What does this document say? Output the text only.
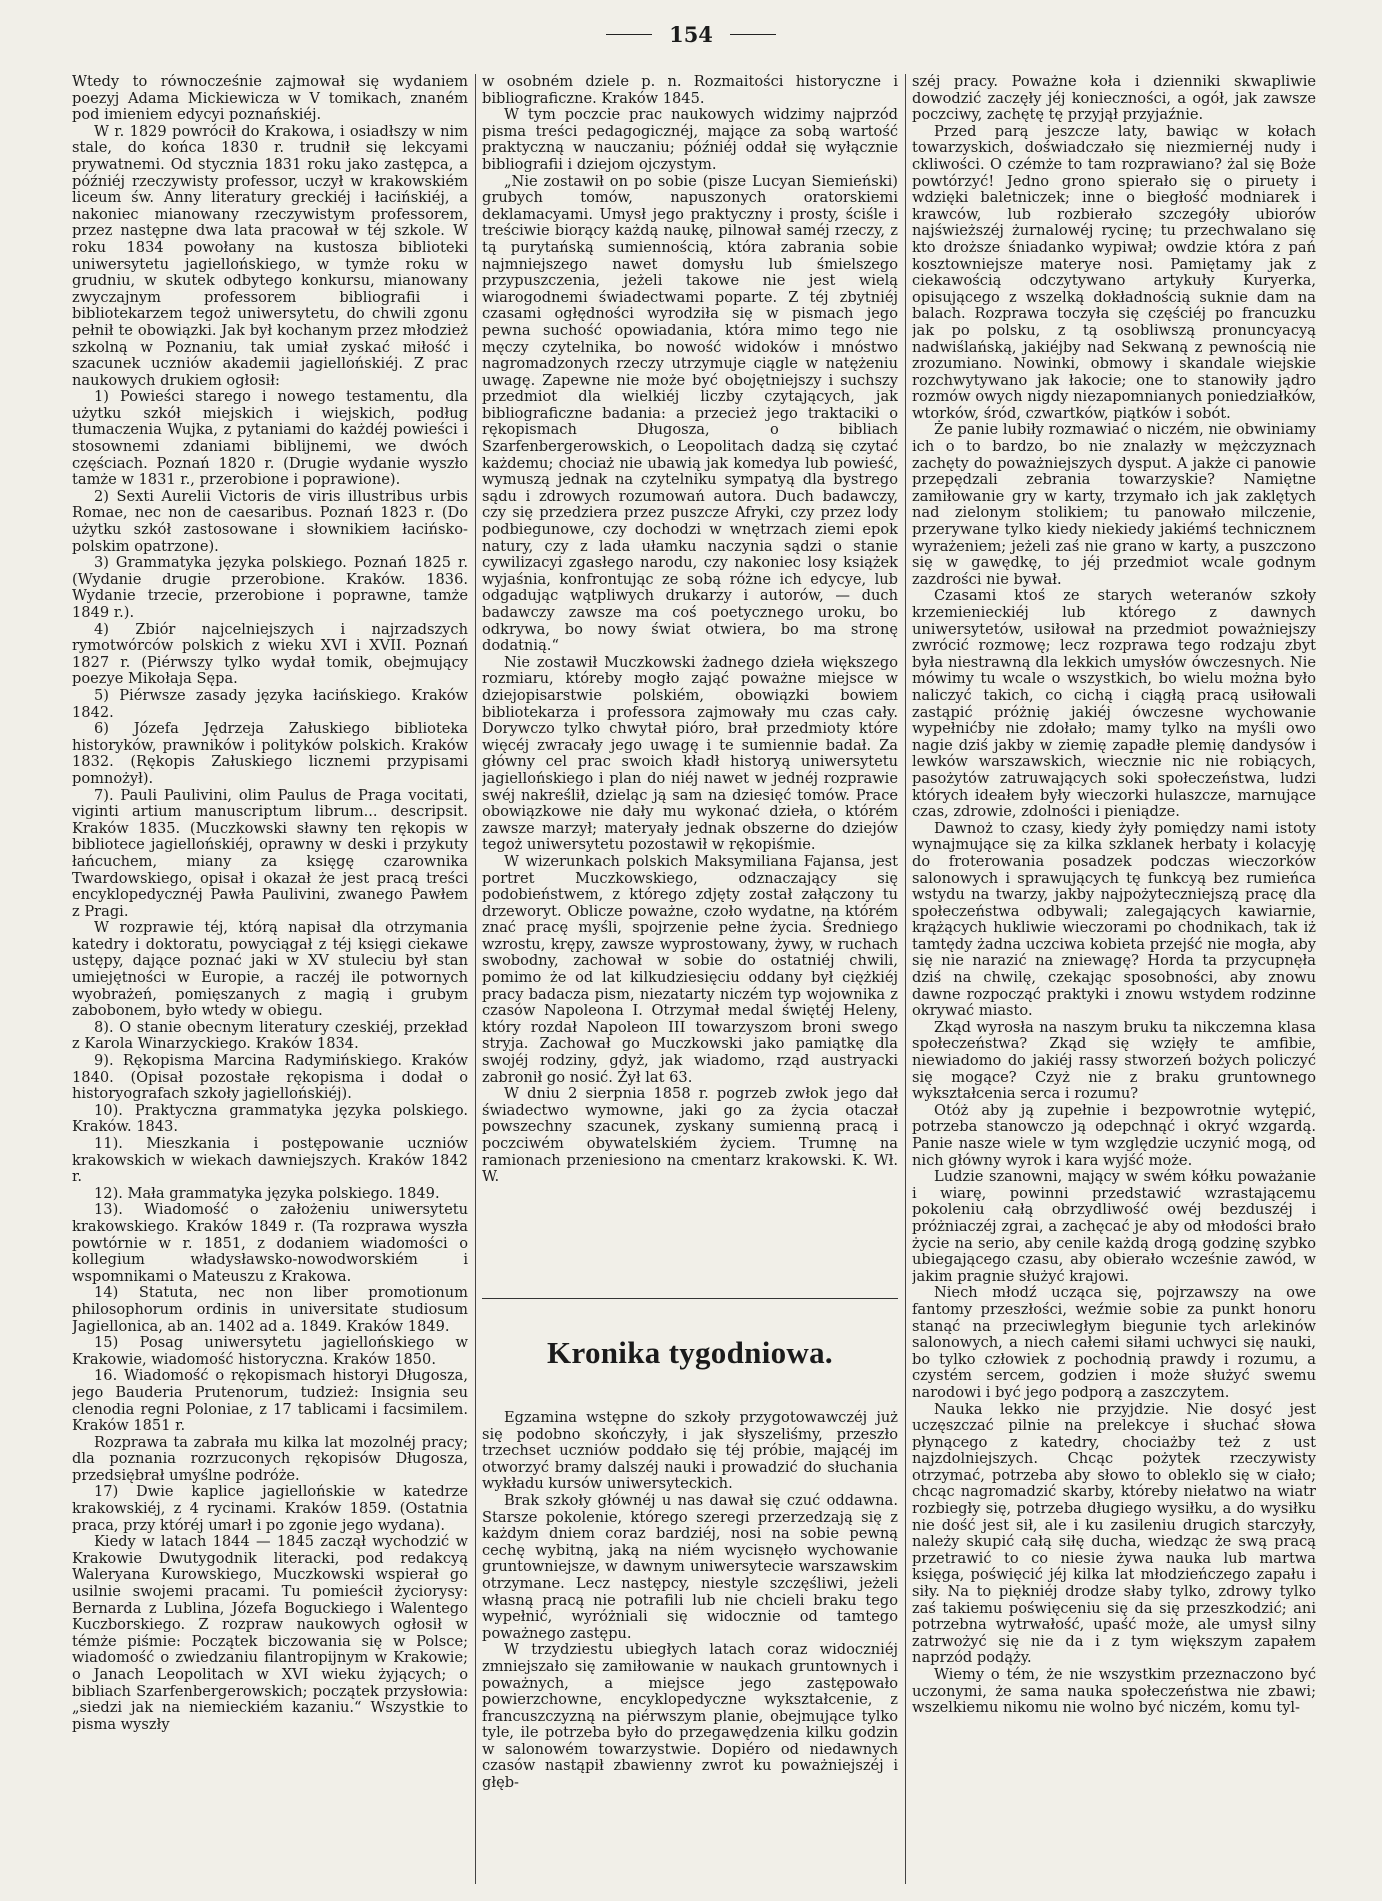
154

Wtedy to równocześnie zajmował się wydaniem poezyj Adama Mickiewicza w V tomikach, znaném pod imieniem edycyi poznańskiéj.

W r. 1829 powrócił do Krakowa, i osiadłszy w nim stale, do końca 1830 r. trudnił się lekcyami prywatnemi. Od stycznia 1831 roku jako zastępca, a późniéj rzeczywisty professor, uczył w krakowskiém liceum św. Anny literatury greckiéj i łacińskiéj, a nakoniec mianowany rzeczywistym professorem, przez następne dwa lata pracował w téj szkole. W roku 1834 powołany na kustosza biblioteki uniwersytetu jagiellońskiego, w tymże roku w grudniu, w skutek odbytego konkursu, mianowany zwyczajnym professorem bibliografii i bibliotekarzem tegoż uniwersytetu, do chwili zgonu pełnił te obowiązki. Jak był kochanym przez młodzież szkolną w Poznaniu, tak umiał zyskać miłość i szacunek uczniów akademii jagiellońskiéj. Z prac naukowych drukiem ogłosił:

1) Powieści starego i nowego testamentu, dla użytku szkół miejskich i wiejskich, podług tłumaczenia Wujka, z pytaniami do każdéj powieści i stosownemi zdaniami biblijnemi, we dwóch częściach. Poznań 1820 r. (Drugie wydanie wyszło tamże w 1831 r., przerobione i poprawione).

2) Sexti Aurelii Victoris de viris illustribus urbis Romae, nec non de caesaribus. Poznań 1823 r. (Do użytku szkół zastosowane i słownikiem łacińsko-polskim opatrzone).

3) Grammatyka języka polskiego. Poznań 1825 r. (Wydanie drugie przerobione. Kraków. 1836. Wydanie trzecie, przerobione i poprawne, tamże 1849 r.).

4) Zbiór najcelniejszych i najrzadszych rymotwórców polskich z wieku XVI i XVII. Poznań 1827 r. (Piérwszy tylko wydał tomik, obejmujący poezye Mikołaja Sępa.

5) Piérwsze zasady języka łacińskiego. Kraków 1842.

6) Józefa Jędrzeja Załuskiego biblioteka historyków, prawników i polityków polskich. Kraków 1832. (Rękopis Załuskiego licznemi przypisami pomnożył).

7). Pauli Paulivini, olim Paulus de Praga vocitati, viginti artium manuscriptum librum... descripsit. Kraków 1835. (Muczkowski sławny ten rękopis w bibliotece jagiellońskiéj, oprawny w deski i przykuty łańcuchem, miany za księgę czarownika Twardowskiego, opisał i okazał że jest pracą treści encyklopedycznéj Pawła Paulivini, zwanego Pawłem z Pragi.

W rozprawie téj, którą napisał dla otrzymania katedry i doktoratu, powyciągał z téj księgi ciekawe ustępy, dające poznać jaki w XV stuleciu był stan umiejętności w Europie, a raczéj ile potwornych wyobrażeń, pomięszanych z magią i grubym zabobonem, było wtedy w obiegu.

8). O stanie obecnym literatury czeskiéj, przekład z Karola Winarzyckiego. Kraków 1834.

9). Rękopisma Marcina Radymińskiego. Kraków 1840. (Opisał pozostałe rękopisma i dodał o historyografach szkoły jagiellońskiéj).

10). Praktyczna grammatyka języka polskiego. Kraków. 1843.

11). Mieszkania i postępowanie uczniów krakowskich w wiekach dawniejszych. Kraków 1842 r.

12). Mała grammatyka języka polskiego. 1849.

13). Wiadomość o założeniu uniwersytetu krakowskiego. Kraków 1849 r. (Ta rozprawa wyszła powtórnie w r. 1851, z dodaniem wiadomości o kollegium władysławsko-nowodworskiém i wspomnikami o Mateuszu z Krakowa.

14) Statuta, nec non liber promotionum philosophorum ordinis in universitate studiosum Jagiellonica, ab an. 1402 ad a. 1849. Kraków 1849.

15) Posag uniwersytetu jagiellońskiego w Krakowie, wiadomość historyczna. Kraków 1850.

16. Wiadomość o rękopismach historyi Długosza, jego Bauderia Prutenorum, tudzież: Insignia seu clenodia regni Poloniae, z 17 tablicami i facsimilem. Kraków 1851 r.

Rozprawa ta zabrała mu kilka lat mozolnéj pracy; dla poznania rozrzuconych rękopisów Długosza, przedsiębrał umyślne podróże.

17) Dwie kaplice jagiellońskie w katedrze krakowskiéj, z 4 rycinami. Kraków 1859. (Ostatnia praca, przy któréj umarł i po zgonie jego wydana).

Kiedy w latach 1844 — 1845 zaczął wychodzić w Krakowie Dwutygodnik literacki, pod redakcyą Waleryana Kurowskiego, Muczkowski wspierał go usilnie swojemi pracami. Tu pomieścił życiorysy: Bernarda z Lublina, Józefa Boguckiego i Walentego Kuczborskiego. Z rozpraw naukowych ogłosił w témże piśmie: Początek biczowania się w Polsce; wiadomość o zwiedzaniu filantropijnym w Krakowie; o Janach Leopolitach w XVI wieku żyjących; o bibliach Szarfenbergerowskich; początek przysłowia: „siedzi jak na niemieckiém kazaniu.“ Wszystkie to pisma wyszły

w osobném dziele p. n. Rozmaitości historyczne i bibliograficzne. Kraków 1845.

W tym poczcie prac naukowych widzimy najprzód pisma treści pedagogicznéj, mające za sobą wartość praktyczną w nauczaniu; późniéj oddał się wyłącznie bibliografii i dziejom ojczystym.

„Nie zostawił on po sobie (pisze Lucyan Siemieński) grubych tomów, napuszonych oratorskiemi deklamacyami. Umysł jego praktyczny i prosty, ściśle i treściwie biorący każdą naukę, pilnował saméj rzeczy, z tą purytańską sumiennością, która zabrania sobie najmniejszego nawet domysłu lub śmielszego przypuszczenia, jeżeli takowe nie jest wielą wiarogodnemi świadectwami poparte. Z téj zbytniéj czasami ogłędności wyrodziła się w pismach jego pewna suchość opowiadania, która mimo tego nie męczy czytelnika, bo nowość widoków i mnóstwo nagromadzonych rzeczy utrzymuje ciągle w natężeniu uwagę. Zapewne nie może być obojętniejszy i suchszy przedmiot dla wielkiéj liczby czytających, jak bibliograficzne badania: a przecież jego traktaciki o rękopismach Długosza, o bibliach Szarfenbergerowskich, o Leopolitach dadzą się czytać każdemu; chociaż nie ubawią jak komedya lub powieść, wymuszą jednak na czytelniku sympatyą dla bystrego sądu i zdrowych rozumowań autora. Duch badawczy, czy się przedziera przez puszcze Afryki, czy przez lody podbiegunowe, czy dochodzi w wnętrzach ziemi epok natury, czy z lada ułamku naczynia sądzi o stanie cywilizacyi zgasłego narodu, czy nakoniec losy książek wyjaśnia, konfrontując ze sobą różne ich edycye, lub odgadując wątpliwych drukarzy i autorów, — duch badawczy zawsze ma coś poetycznego uroku, bo odkrywa, bo nowy świat otwiera, bo ma stronę dodatnią.“

Nie zostawił Muczkowski żadnego dzieła większego rozmiaru, któreby mogło zająć poważne miejsce w dziejopisarstwie polskiém, obowiązki bowiem bibliotekarza i professora zajmowały mu czas cały. Dorywczo tylko chwytał pióro, brał przedmioty które więcéj zwracały jego uwagę i te sumiennie badał. Za główny cel prac swoich kładł historyą uniwersytetu jagiellońskiego i plan do niéj nawet w jednéj rozprawie swéj nakreślił, dzieląc ją sam na dziesięć tomów. Prace obowiązkowe nie dały mu wykonać dzieła, o którém zawsze marzył; materyały jednak obszerne do dziejów tegoż uniwersytetu pozostawił w rękopiśmie.

W wizerunkach polskich Maksymiliana Fajansa, jest portret Muczkowskiego, odznaczający się podobieństwem, z którego zdjęty został załączony tu drzeworyt. Oblicze poważne, czoło wydatne, na którém znać pracę myśli, spojrzenie pełne życia. Średniego wzrostu, krępy, zawsze wyprostowany, żywy, w ruchach swobodny, zachował w sobie do ostatniéj chwili, pomimo że od lat kilkudziesięciu oddany był ciężkiéj pracy badacza pism, niezatarty niczém typ wojownika z czasów Napoleona I. Otrzymał medal świętéj Heleny, który rozdał Napoleon III towarzyszom broni swego stryja. Zachował go Muczkowski jako pamiątkę dla swojéj rodziny, gdyż, jak wiadomo, rząd austryacki zabronił go nosić. Żył lat 63.

W dniu 2 sierpnia 1858 r. pogrzeb zwłok jego dał świadectwo wymowne, jaki go za życia otaczał powszechny szacunek, zyskany sumienną pracą i poczciwém obywatelskiém życiem. Trumnę na ramionach przeniesiono na cmentarz krakowski. K. Wł. W.

Kronika tygodniowa.

Egzamina wstępne do szkoły przygotowawczéj już się podobno skończyły, i jak słyszeliśmy, przeszło trzechset uczniów poddało się téj próbie, mającéj im otworzyć bramy dalszéj nauki i prowadzić do słuchania wykładu kursów uniwersyteckich.

Brak szkoły głównéj u nas dawał się czuć oddawna. Starsze pokolenie, którego szeregi przerzedzają się z każdym dniem coraz bardziéj, nosi na sobie pewną cechę wybitną, jaką na niém wycisnęło wychowanie gruntowniejsze, w dawnym uniwersytecie warszawskim otrzymane. Lecz następcy, niestyle szczęśliwi, jeżeli własną pracą nie potrafili lub nie chcieli braku tego wypełnić, wyróżniali się widocznie od tamtego poważnego zastępu.

W trzydziestu ubiegłych latach coraz widoczniéj zmniejszało się zamiłowanie w naukach gruntownych i poważnych, a miejsce jego zastępowało powierzchowne, encyklopedyczne wykształcenie, z francuszczyzną na piérwszym planie, obejmujące tylko tyle, ile potrzeba było do przegawędzenia kilku godzin w salonowém towarzystwie. Dopiéro od niedawnych czasów nastąpił zbawienny zwrot ku poważniejszéj i głęb-

széj pracy. Poważne koła i dzienniki skwapliwie dowodzić zaczęły jéj konieczności, a ogół, jak zawsze poczciwy, zachętę tę przyjął przyjaźnie.

Przed parą jeszcze laty, bawiąc w kołach towarzyskich, doświadczało się niezmiernéj nudy i ckliwości. O czémże to tam rozprawiano? żal się Boże powtórzyć! Jedno grono spierało się o piruety i wdzięki baletniczek; inne o biegłość modniarek i krawców, lub rozbierało szczegóły ubiorów najświeższéj żurnalowéj rycinę; tu przechwalano się kto droższe śniadanko wypiwał; owdzie która z pań kosztowniejsze materye nosi. Pamiętamy jak z ciekawością odczytywano artykuły Kuryerka, opisującego z wszelką dokładnością suknie dam na balach. Rozprawa toczyła się częściéj po francuzku jak po polsku, z tą osobliwszą pronuncyacyą nadwiślańską, jakiéjby nad Sekwaną z pewnością nie zrozumiano. Nowinki, obmowy i skandale wiejskie rozchwytywano jak łakocie; one to stanowiły jądro rozmów owych nigdy niezapomnianych poniedziałków, wtorków, śród, czwartków, piątków i sobót.

Że panie lubiły rozmawiać o niczém, nie obwiniamy ich o to bardzo, bo nie znalazły w mężczyznach zachęty do poważniejszych dysput. A jakże ci panowie przepędzali zebrania towarzyskie? Namiętne zamiłowanie gry w karty, trzymało ich jak zaklętych nad zielonym stolikiem; tu panowało milczenie, przerywane tylko kiedy niekiedy jakiémś technicznem wyrażeniem; jeżeli zaś nie grano w karty, a puszczono się w gawędkę, to jéj przedmiot wcale godnym zazdrości nie bywał.

Czasami ktoś ze starych weteranów szkoły krzemienieckiéj lub którego z dawnych uniwersytetów, usiłował na przedmiot poważniejszy zwrócić rozmowę; lecz rozprawa tego rodzaju zbyt była niestrawną dla lekkich umysłów ówczesnych. Nie mówimy tu wcale o wszystkich, bo wielu można było naliczyć takich, co cichą i ciągłą pracą usiłowali zastąpić próżnię jakiéj ówczesne wychowanie wypełnićby nie zdołało; mamy tylko na myśli owo nagie dziś jakby w ziemię zapadłe plemię dandysów i lewków warszawskich, wiecznie nic nie robiących, pasożytów zatruwających soki społeczeństwa, ludzi których ideałem były wieczorki hulaszcze, marnujące czas, zdrowie, zdolności i pieniądze.

Dawnoż to czasy, kiedy żyły pomiędzy nami istoty wynajmujące się za kilka szklanek herbaty i kolacyję do froterowania posadzek podczas wieczorków salonowych i sprawujących tę funkcyą bez rumieńca wstydu na twarzy, jakby najpożyteczniejszą pracę dla społeczeństwa odbywali; zalegających kawiarnie, krążących hukliwie wieczorami po chodnikach, tak iż tamtędy żadna uczciwa kobieta przejść nie mogła, aby się nie narazić na zniewagę? Horda ta przycupnęła dziś na chwilę, czekając sposobności, aby znowu dawne rozpocząć praktyki i znowu wstydem rodzinne okrywać miasto.

Zkąd wyrosła na naszym bruku ta nikczemna klasa społeczeństwa? Zkąd się wzięły te amfibie, niewiadomo do jakiéj rassy stworzeń bożych policzyć się mogące? Czyż nie z braku gruntownego wykształcenia serca i rozumu?

Otóż aby ją zupełnie i bezpowrotnie wytępić, potrzeba stanowczo ją odepchnąć i okryć wzgardą. Panie nasze wiele w tym względzie uczynić mogą, od nich główny wyrok i kara wyjść może.

Ludzie szanowni, mający w swém kółku poważanie i wiarę, powinni przedstawić wzrastającemu pokoleniu całą obrzydliwość owéj bezduszéj i próżniaczéj zgrai, a zachęcać je aby od młodości brało życie na serio, aby cenile każdą drogą godzinę szybko ubiegającego czasu, aby obierało wcześnie zawód, w jakim pragnie służyć krajowi.

Niech młodź ucząca się, pojrzawszy na owe fantomy przeszłości, weźmie sobie za punkt honoru stanąć na przeciwległym biegunie tych arlekinów salonowych, a niech całemi siłami uchwyci się nauki, bo tylko człowiek z pochodnią prawdy i rozumu, a czystém sercem, godzien i może służyć swemu narodowi i być jego podporą a zaszczytem.

Nauka lekko nie przyjdzie. Nie dosyć jest uczęszczać pilnie na prelekcye i słuchać słowa płynącego z katedry, chociażby też z ust najzdolniejszych. Chcąc pożytek rzeczywisty otrzymać, potrzeba aby słowo to obleklo się w ciało; chcąc nagromadzić skarby, któreby niełatwo na wiatr rozbiegły się, potrzeba długiego wysiłku, a do wysiłku nie dość jest sił, ale i ku zasileniu drugich starczyły, należy skupić całą siłę ducha, wiedząc że swą pracą przetrawić to co niesie żywa nauka lub martwa księga, poświęcić jéj kilka lat młodzieńczego zapału i siły. Na to piękniéj drodze słaby tylko, zdrowy tylko zaś takiemu poświęceniu się da się przeszkodzić; ani potrzebna wytrwałość, upaść może, ale umysł silny zatrwożyć się nie da i z tym większym zapałem naprzód podąży.

Wiemy o tém, że nie wszystkim przeznaczono być uczonymi, że sama nauka społeczeństwa nie zbawi; wszelkiemu nikomu nie wolno być niczém, komu tyl-
